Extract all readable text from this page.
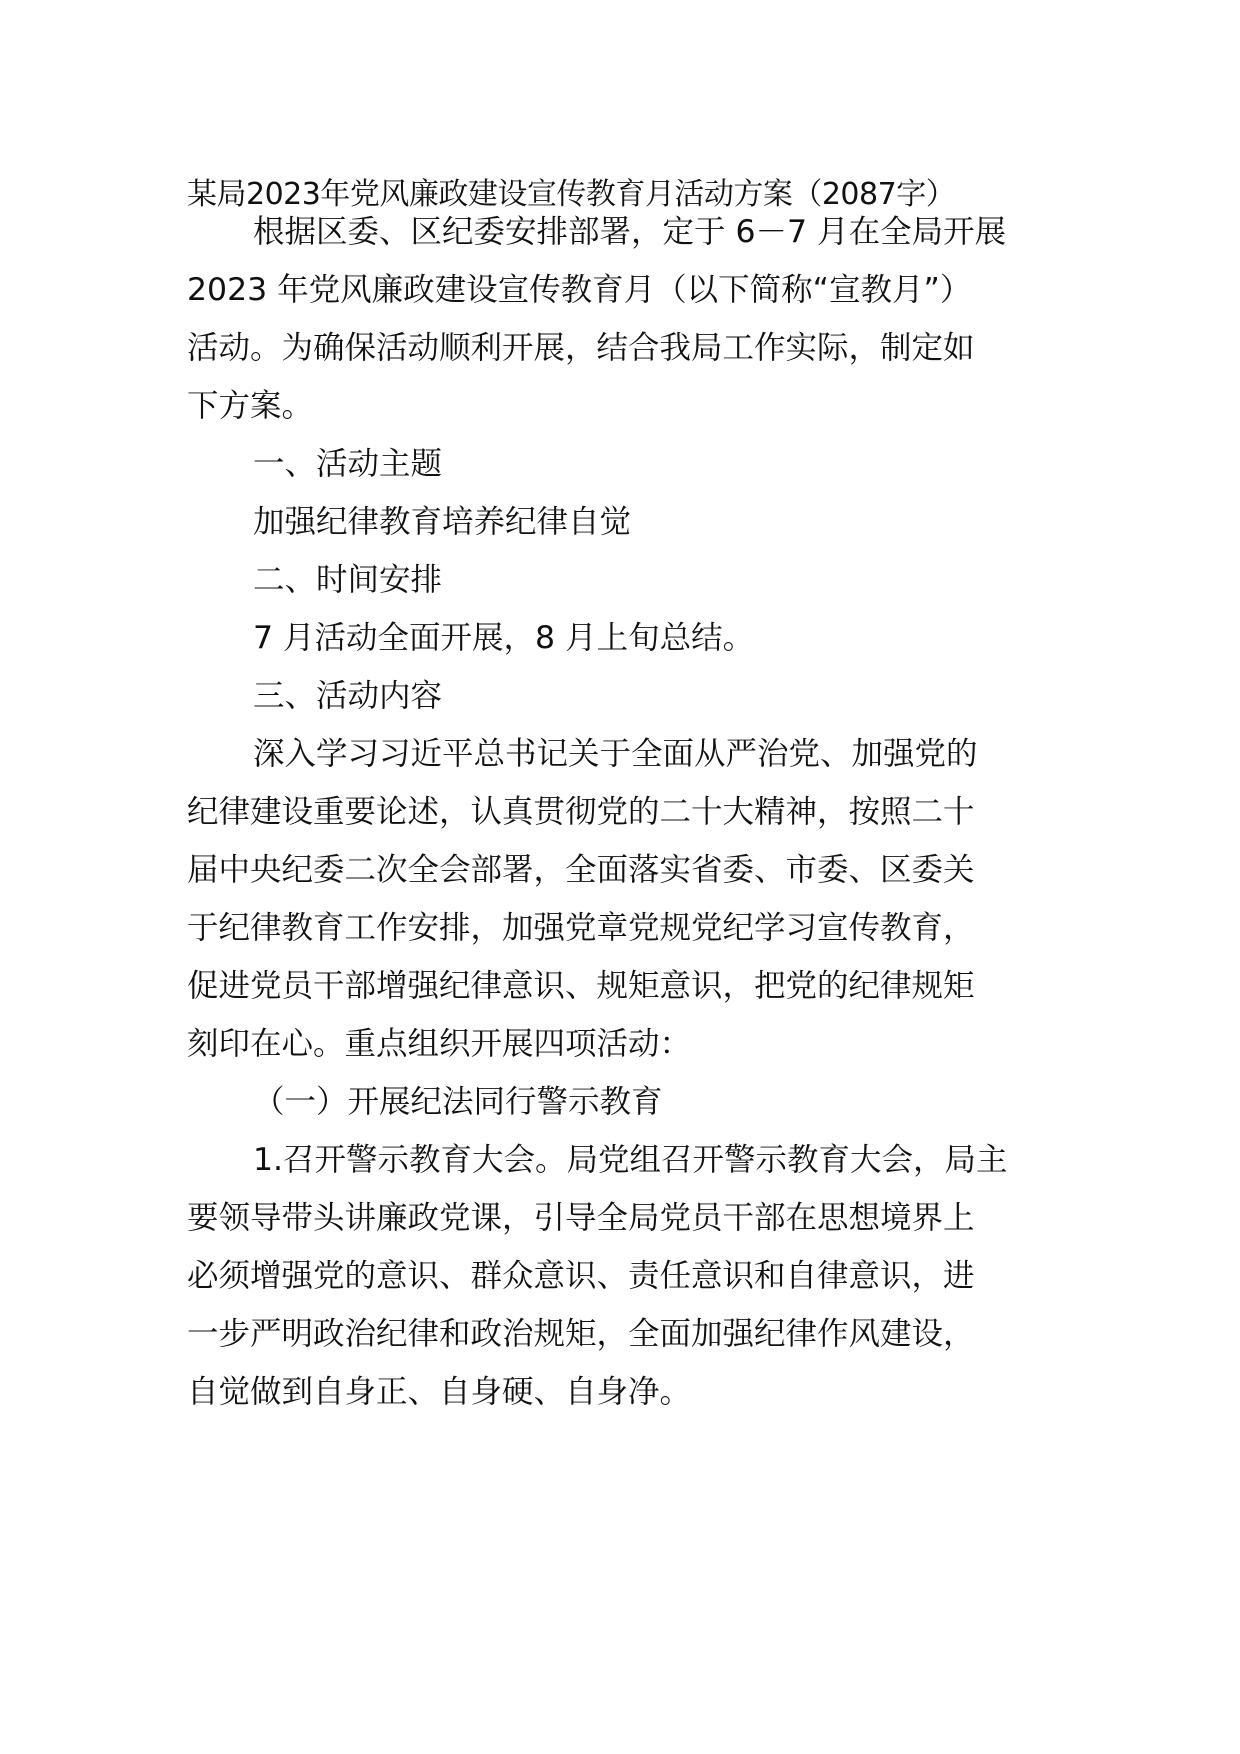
某局2023年党风廉政建设宣传教育月活动方案（2087字）
根据区委、区纪委安排部署，定于 6－7 月在全局开展
2023 年党风廉政建设宣传教育月（以下简称“宣教月”）
活动。为确保活动顺利开展，结合我局工作实际，制定如
下方案。
一、活动主题
加强纪律教育培养纪律自觉
二、时间安排
7 月活动全面开展，8 月上旬总结。
三、活动内容
深入学习习近平总书记关于全面从严治党、加强党的
纪律建设重要论述，认真贯彻党的二十大精神，按照二十
届中央纪委二次全会部署，全面落实省委、市委、区委关
于纪律教育工作安排，加强党章党规党纪学习宣传教育，
促进党员干部增强纪律意识、规矩意识，把党的纪律规矩
刻印在心。重点组织开展四项活动：
（一）开展纪法同行警示教育
1.召开警示教育大会。局党组召开警示教育大会，局主
要领导带头讲廉政党课，引导全局党员干部在思想境界上
必须增强党的意识、群众意识、责任意识和自律意识，进
一步严明政治纪律和政治规矩，全面加强纪律作风建设，
自觉做到自身正、自身硬、自身净。
